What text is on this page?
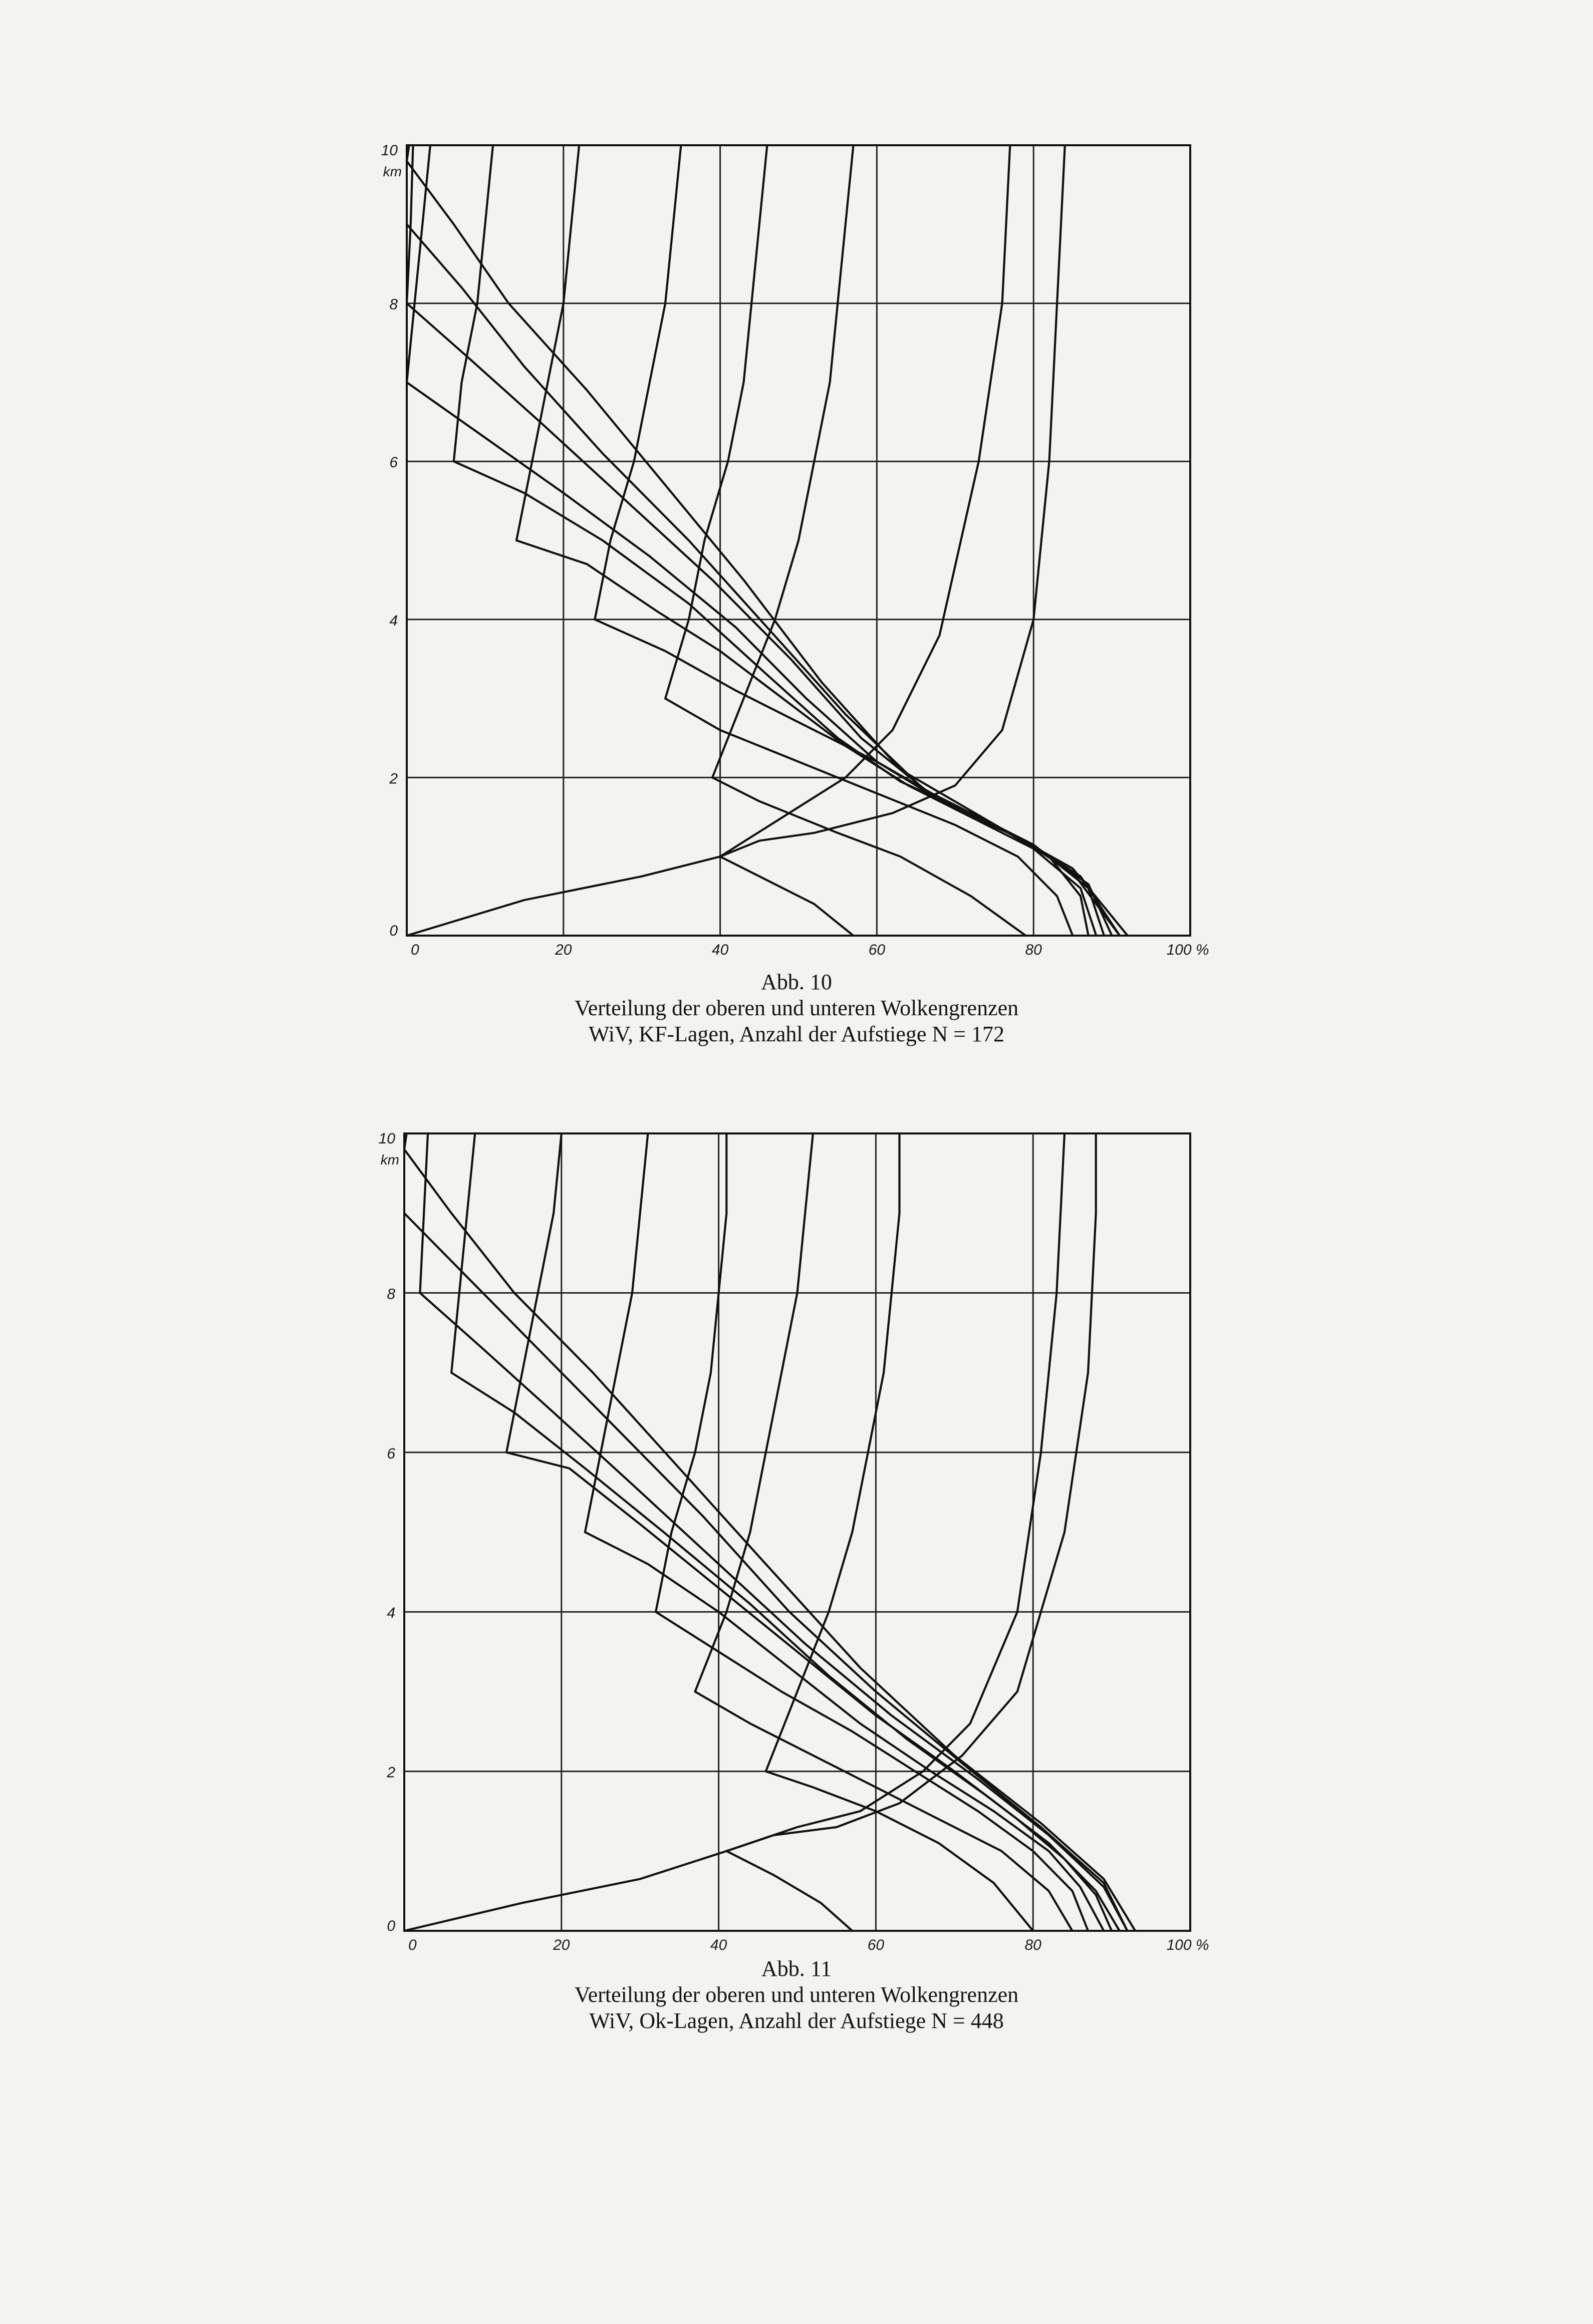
0	20	40	60	80	100 %
0
2
4
6
8
10
km
0	20	40	60	80	100 %
0
2
4
6
8
10
km
Abb. 10
Verteilung der oberen und unteren Wolkengrenzen
WiV, KF-Lagen, Anzahl der Aufstiege N = 172
Abb. 11
Verteilung der oberen und unteren Wolkengrenzen
WiV, Ok-Lagen, Anzahl der Aufstiege N = 448
